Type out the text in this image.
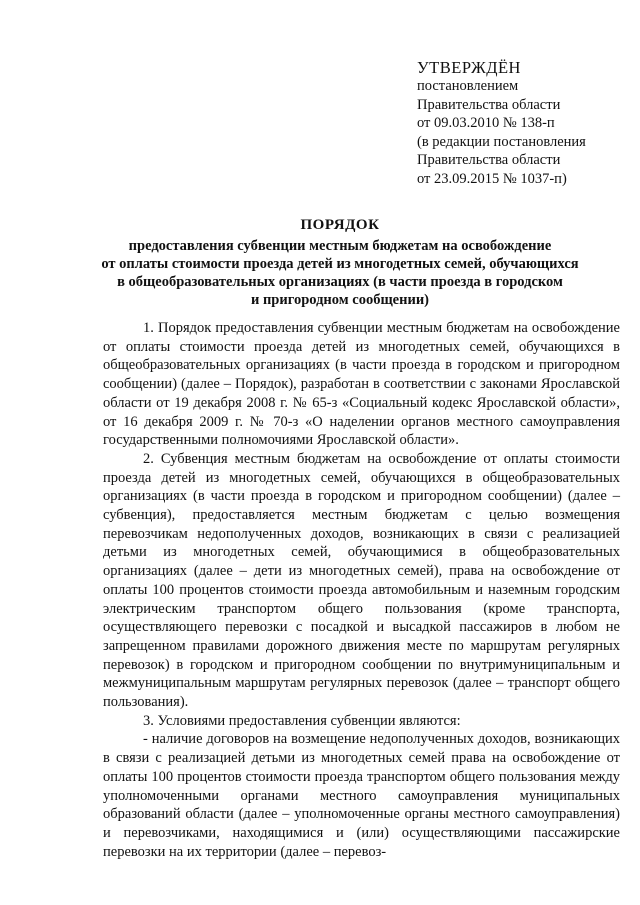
УТВЕРЖДЁН
постановлением
Правительства области
от 09.03.2010 № 138-п
(в редакции постановления
Правительства области
от 23.09.2015 № 1037-п)
ПОРЯДОК
предоставления субвенции местным бюджетам на освобождение
от оплаты стоимости проезда детей из многодетных семей, обучающихся
в общеобразовательных организациях (в части проезда в городском
и пригородном сообщении)

1. Порядок предоставления субвенции местным бюджетам на освобождение от оплаты стоимости проезда детей из многодетных семей, обучающихся в общеобразовательных организациях (в части проезда в городском и пригородном сообщении) (далее – Порядок), разработан в соответствии с законами Ярославской области от 19 декабря 2008 г. № 65-з «Социальный кодекс Ярославской области», от 16 декабря 2009 г. № 70-з «О наделении органов местного самоуправления государственными полномочиями Ярославской области».

2. Субвенция местным бюджетам на освобождение от оплаты стоимости проезда детей из многодетных семей, обучающихся в общеобразовательных организациях (в части проезда в городском и пригородном сообщении) (далее – субвенция), предоставляется местным бюджетам с целью возмещения перевозчикам недополученных доходов, возникающих в связи с реализацией детьми из многодетных семей, обучающимися в общеобразовательных организациях (далее – дети из многодетных семей), права на освобождение от оплаты 100 процентов стоимости проезда автомобильным и наземным городским электрическим транспортом общего пользования (кроме транспорта, осуществляющего перевозки с посадкой и высадкой пассажиров в любом не запрещенном правилами дорожного движения месте по маршрутам регулярных перевозок) в городском и пригородном сообщении по внутримуниципальным и межмуниципальным маршрутам регулярных перевозок (далее – транспорт общего пользования).

3. Условиями предоставления субвенции являются:

- наличие договоров на возмещение недополученных доходов, возникающих в связи с реализацией детьми из многодетных семей права на освобождение от оплаты 100 процентов стоимости проезда транспортом общего пользования между уполномоченными органами местного самоуправления муниципальных образований области (далее – уполномоченные органы местного самоуправления) и перевозчиками, находящимися и (или) осуществляющими пассажирские перевозки на их территории (далее – перевоз-
